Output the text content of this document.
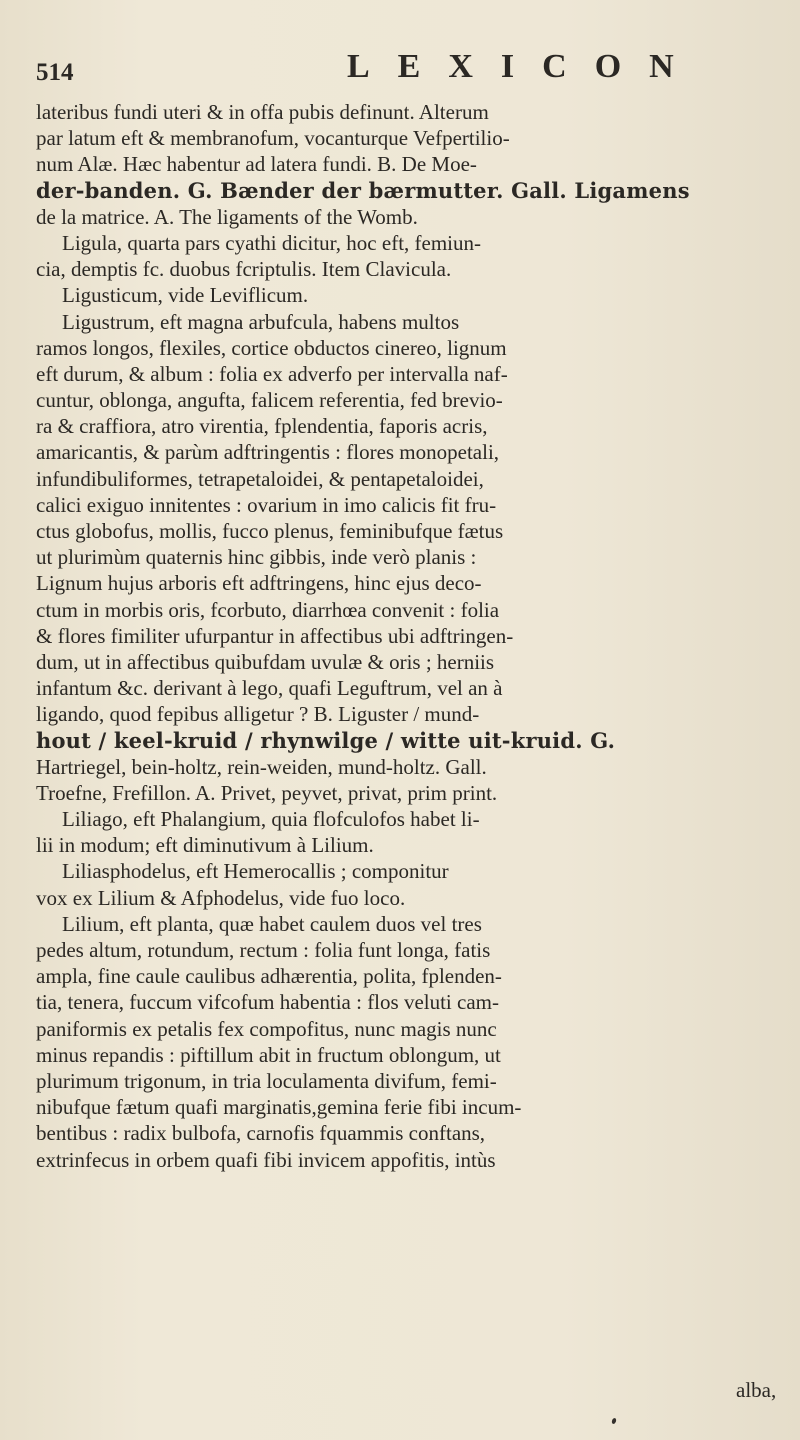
514	LEXICON
lateribus fundi uteri & in offa pubis definunt. Alterum
par latum eft & membranofum, vocanturque Vefpertilio-
num Alæ. Hæc habentur ad latera fundi. B. De Moe-
der-banden. G. Bænder der bærmutter. Gall. Ligamens
de la matrice. A. The ligaments of the Womb.
Ligula, quarta pars cyathi dicitur, hoc eft, femiun-
cia, demptis fc. duobus fcriptulis. Item Clavicula.
Ligusticum, vide Leviflicum.
Ligustrum, eft magna arbufcula, habens multos
ramos longos, flexiles, cortice obductos cinereo, lignum
eft durum, & album : folia ex adverfo per intervalla naf-
cuntur, oblonga, angufta, falicem referentia, fed brevio-
ra & craffiora, atro virentia, fplendentia, faporis acris,
amaricantis, & parùm adftringentis : flores monopetali,
infundibuliformes, tetrapetaloidei, & pentapetaloidei,
calici exiguo innitentes : ovarium in imo calicis fit fru-
ctus globofus, mollis, fucco plenus, feminibufque fætus
ut plurimùm quaternis hinc gibbis, inde verò planis :
Lignum hujus arboris eft adftringens, hinc ejus deco-
ctum in morbis oris, fcorbuto, diarrhœa convenit : folia
& flores fimiliter ufurpantur in affectibus ubi adftringen-
dum, ut in affectibus quibufdam uvulæ & oris ; herniis
infantum &c. derivant à lego, quafi Leguftrum, vel an à
ligando, quod fepibus alligetur ? B. Liguster / mund-
hout / keel-kruid / rhynwilge / witte uit-kruid. G.
Hartriegel, bein-holtz, rein-weiden, mund-holtz. Gall.
Troefne, Frefillon. A. Privet, peyvet, privat, prim print.
Liliago, eft Phalangium, quia flofculofos habet li-
lii in modum; eft diminutivum à Lilium.
Liliasphodelus, eft Hemerocallis ; componitur
vox ex Lilium & Afphodelus, vide fuo loco.
Lilium, eft planta, quæ habet caulem duos vel tres
pedes altum, rotundum, rectum : folia funt longa, fatis
ampla, fine caule caulibus adhærentia, polita, fplenden-
tia, tenera, fuccum vifcofum habentia : flos veluti cam-
paniformis ex petalis fex compofitus, nunc magis nunc
minus repandis : piftillum abit in fructum oblongum, ut
plurimum trigonum, in tria loculamenta divifum, femi-
nibufque fætum quafi marginatis,gemina ferie fibi incum-
bentibus : radix bulbofa, carnofis fquammis conftans,
extrinfecus in orbem quafi fibi invicem appofitis, intùs
alba,
